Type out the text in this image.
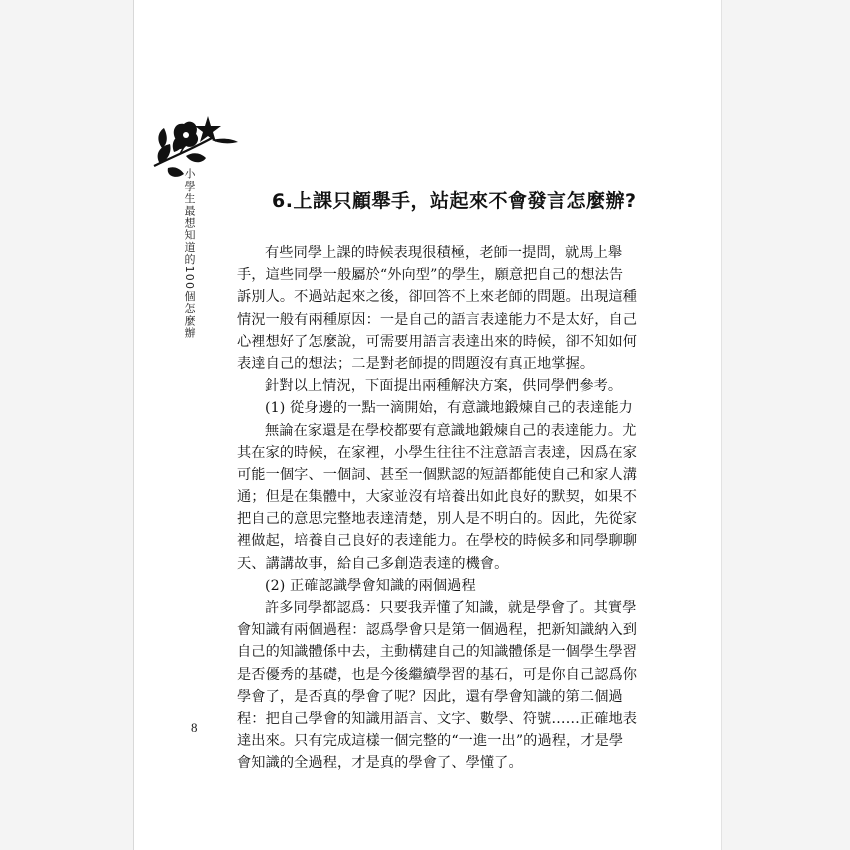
小學生最想知道的100個怎麼辦
8
6.上課只顧舉手，站起來不會發言怎麼辦?
有些同學上課的時候表現很積極，老師一提問，就馬上舉
手，這些同學一般屬於“外向型”的學生，願意把自己的想法告
訴別人。不過站起來之後，卻回答不上來老師的問題。出現這種
情況一般有兩種原因：一是自己的語言表達能力不是太好，自己
心裡想好了怎麼說，可需要用語言表達出來的時候，卻不知如何
表達自己的想法；二是對老師提的問題沒有真正地掌握。
針對以上情況，下面提出兩種解決方案，供同學們參考。
(1) 從身邊的一點一滴開始，有意識地鍛煉自己的表達能力
無論在家還是在學校都要有意識地鍛煉自己的表達能力。尤
其在家的時候，在家裡，小學生往往不注意語言表達，因爲在家
可能一個字、一個詞、甚至一個默認的短語都能使自己和家人溝
通；但是在集體中，大家並沒有培養出如此良好的默契，如果不
把自己的意思完整地表達清楚，別人是不明白的。因此，先從家
裡做起，培養自己良好的表達能力。在學校的時候多和同學聊聊
天、講講故事，給自己多創造表達的機會。
(2) 正確認識學會知識的兩個過程
許多同學都認爲：只要我弄懂了知識，就是學會了。其實學
會知識有兩個過程：認爲學會只是第一個過程，把新知識納入到
自己的知識體係中去，主動構建自己的知識體係是一個學生學習
是否優秀的基礎，也是今後繼續學習的基石，可是你自己認爲你
學會了，是否真的學會了呢？因此，還有學會知識的第二個過
程：把自己學會的知識用語言、文字、數學、符號……正確地表
達出來。只有完成這樣一個完整的“一進一出”的過程，才是學
會知識的全過程，才是真的學會了、學懂了。
